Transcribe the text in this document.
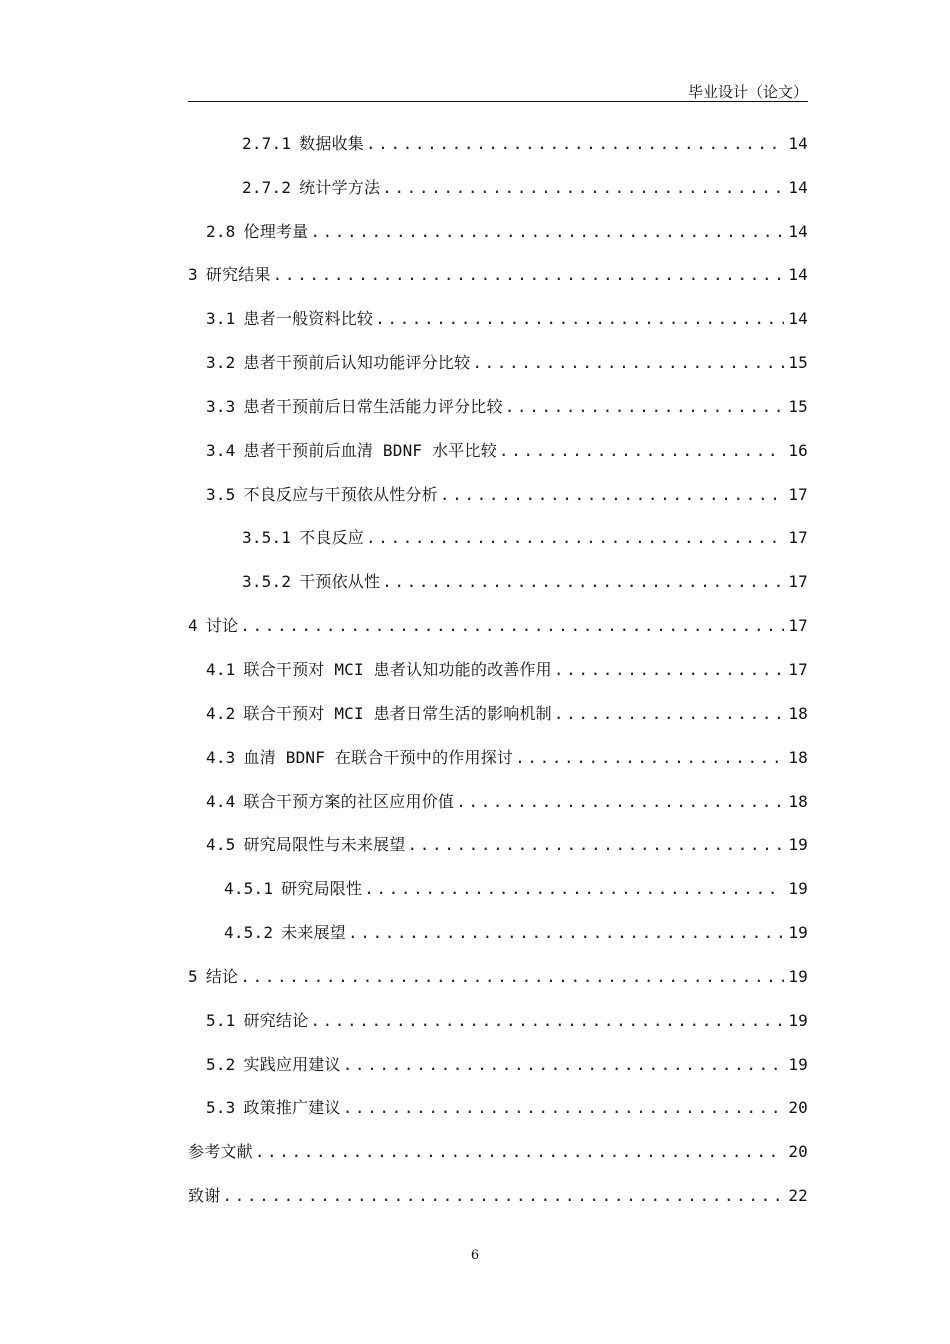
毕业设计（论文）
2.7.1 数据收集 .....	14
2.7.2 统计学方法 .....	14
2.8 伦理考量 .....	14
3 研究结果 .....	14
3.1 患者一般资料比较 .....	14
3.2 患者干预前后认知功能评分比较 .....	15
3.3 患者干预前后日常生活能力评分比较 .....	15
3.4 患者干预前后血清 BDNF 水平比较 .....	16
3.5 不良反应与干预依从性分析 .....	17
3.5.1 不良反应 .....	17
3.5.2 干预依从性 .....	17
4 讨论 .....	17
4.1 联合干预对 MCI 患者认知功能的改善作用 .....	17
4.2 联合干预对 MCI 患者日常生活的影响机制 .....	18
4.3 血清 BDNF 在联合干预中的作用探讨 .....	18
4.4 联合干预方案的社区应用价值 .....	18
4.5 研究局限性与未来展望 .....	19
4.5.1 研究局限性 .....	19
4.5.2 未来展望 .....	19
5 结论 .....	19
5.1 研究结论 .....	19
5.2 实践应用建议 .....	19
5.3 政策推广建议 .....	20
参考文献 .....	20
致谢 .....	22
6
